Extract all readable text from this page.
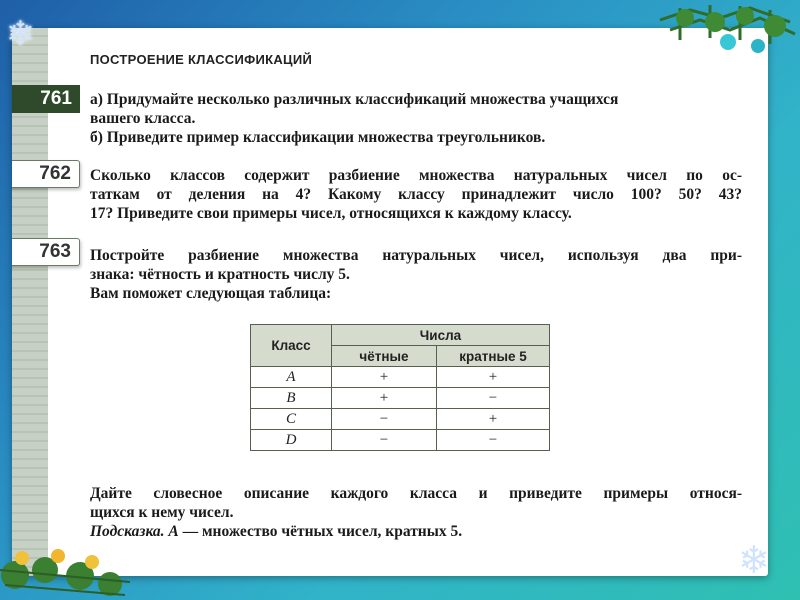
ПОСТРОЕНИЕ КЛАССИФИКАЦИЙ
761	а) Придумайте несколько различных классификаций множества учащихся
вашего класса.
б) Приведите пример классификации множества треугольников.
762	Сколько классов содержит разбиение множества натуральных чисел по ос-
таткам от деления на 4? Какому классу принадлежит число 100? 50? 43?
17? Приведите свои примеры чисел, относящихся к каждому классу.
763	Постройте разбиение множества натуральных чисел, используя два при-
знака: чётность и кратность числу 5.
Вам поможет следующая таблица:
Класс	Числа	
	чётные	кратные 5
A	+	+
B	+	−
C	−	+
D	−	−
Дайте словесное описание каждого класса и приведите примеры относя-
щихся к нему чисел.
Подсказка. А — множество чётных чисел, кратных 5.
❄
❄
